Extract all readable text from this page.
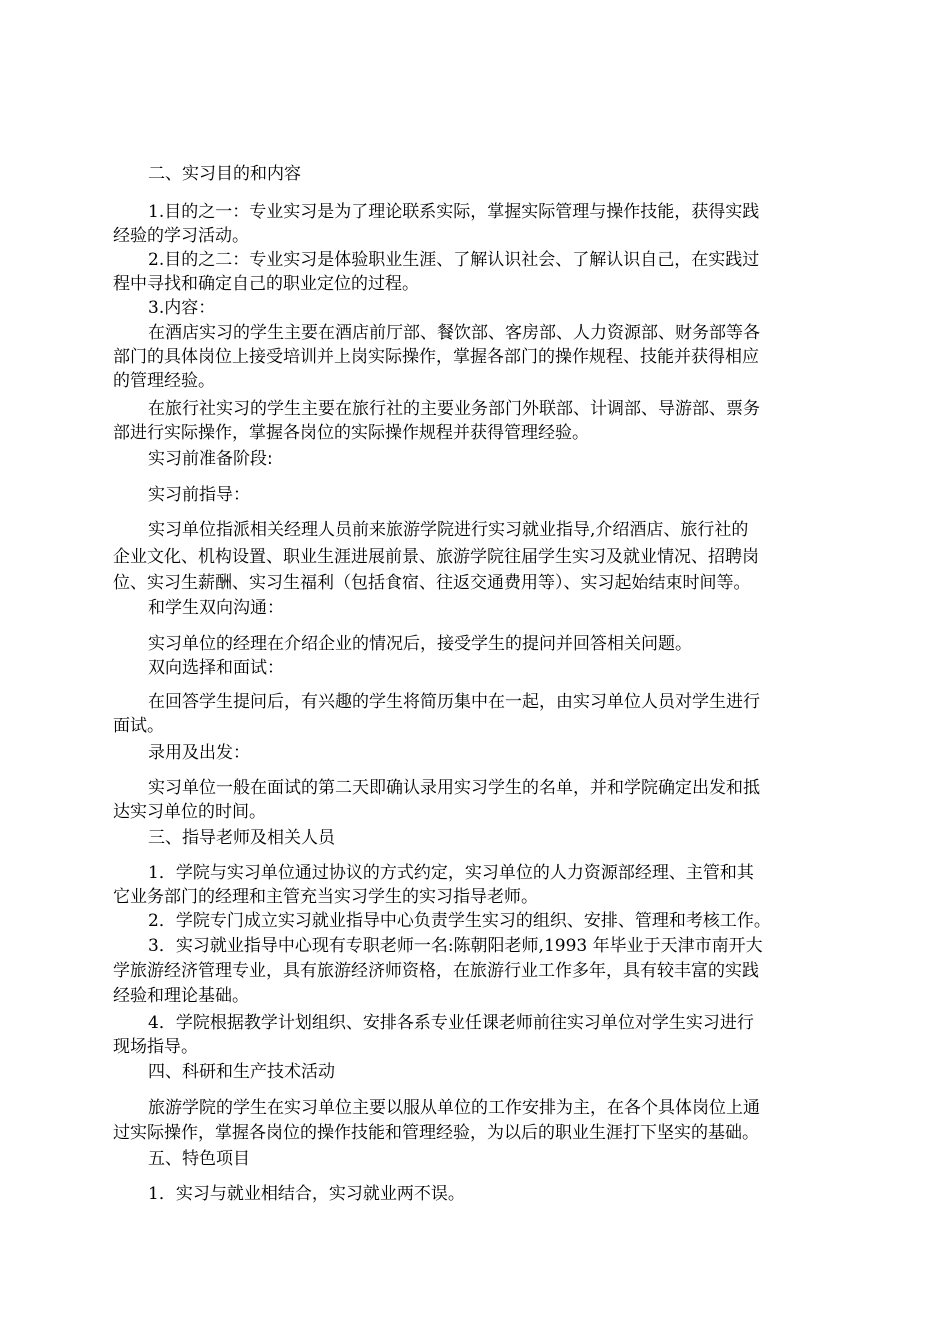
二、实习目的和内容
1.目的之一：专业实习是为了理论联系实际，掌握实际管理与操作技能，获得实践
经验的学习活动。
2.目的之二：专业实习是体验职业生涯、了解认识社会、了解认识自己，在实践过
程中寻找和确定自己的职业定位的过程。
3.内容：
在酒店实习的学生主要在酒店前厅部、餐饮部、客房部、人力资源部、财务部等各
部门的具体岗位上接受培训并上岗实际操作，掌握各部门的操作规程、技能并获得相应
的管理经验。
在旅行社实习的学生主要在旅行社的主要业务部门外联部、计调部、导游部、票务
部进行实际操作，掌握各岗位的实际操作规程并获得管理经验。
实习前准备阶段:
实习前指导：
实习单位指派相关经理人员前来旅游学院进行实习就业指导,介绍酒店、旅行社的
企业文化、机构设置、职业生涯进展前景、旅游学院往届学生实习及就业情况、招聘岗
位、实习生薪酬、实习生福利（包括食宿、往返交通费用等）、实习起始结束时间等。
和学生双向沟通：
实习单位的经理在介绍企业的情况后，接受学生的提问并回答相关问题。
双向选择和面试：
在回答学生提问后，有兴趣的学生将简历集中在一起，由实习单位人员对学生进行
面试。
录用及出发：
实习单位一般在面试的第二天即确认录用实习学生的名单，并和学院确定出发和抵
达实习单位的时间。
三、指导老师及相关人员
1．学院与实习单位通过协议的方式约定，实习单位的人力资源部经理、主管和其
它业务部门的经理和主管充当实习学生的实习指导老师。
2．学院专门成立实习就业指导中心负责学生实习的组织、安排、管理和考核工作。
3．实习就业指导中心现有专职老师一名:陈朝阳老师,1993 年毕业于天津市南开大
学旅游经济管理专业，具有旅游经济师资格，在旅游行业工作多年，具有较丰富的实践
经验和理论基础。
4．学院根据教学计划组织、安排各系专业任课老师前往实习单位对学生实习进行
现场指导。
四、科研和生产技术活动
旅游学院的学生在实习单位主要以服从单位的工作安排为主，在各个具体岗位上通
过实际操作，掌握各岗位的操作技能和管理经验，为以后的职业生涯打下坚实的基础。
五、特色项目
1．实习与就业相结合，实习就业两不误。
